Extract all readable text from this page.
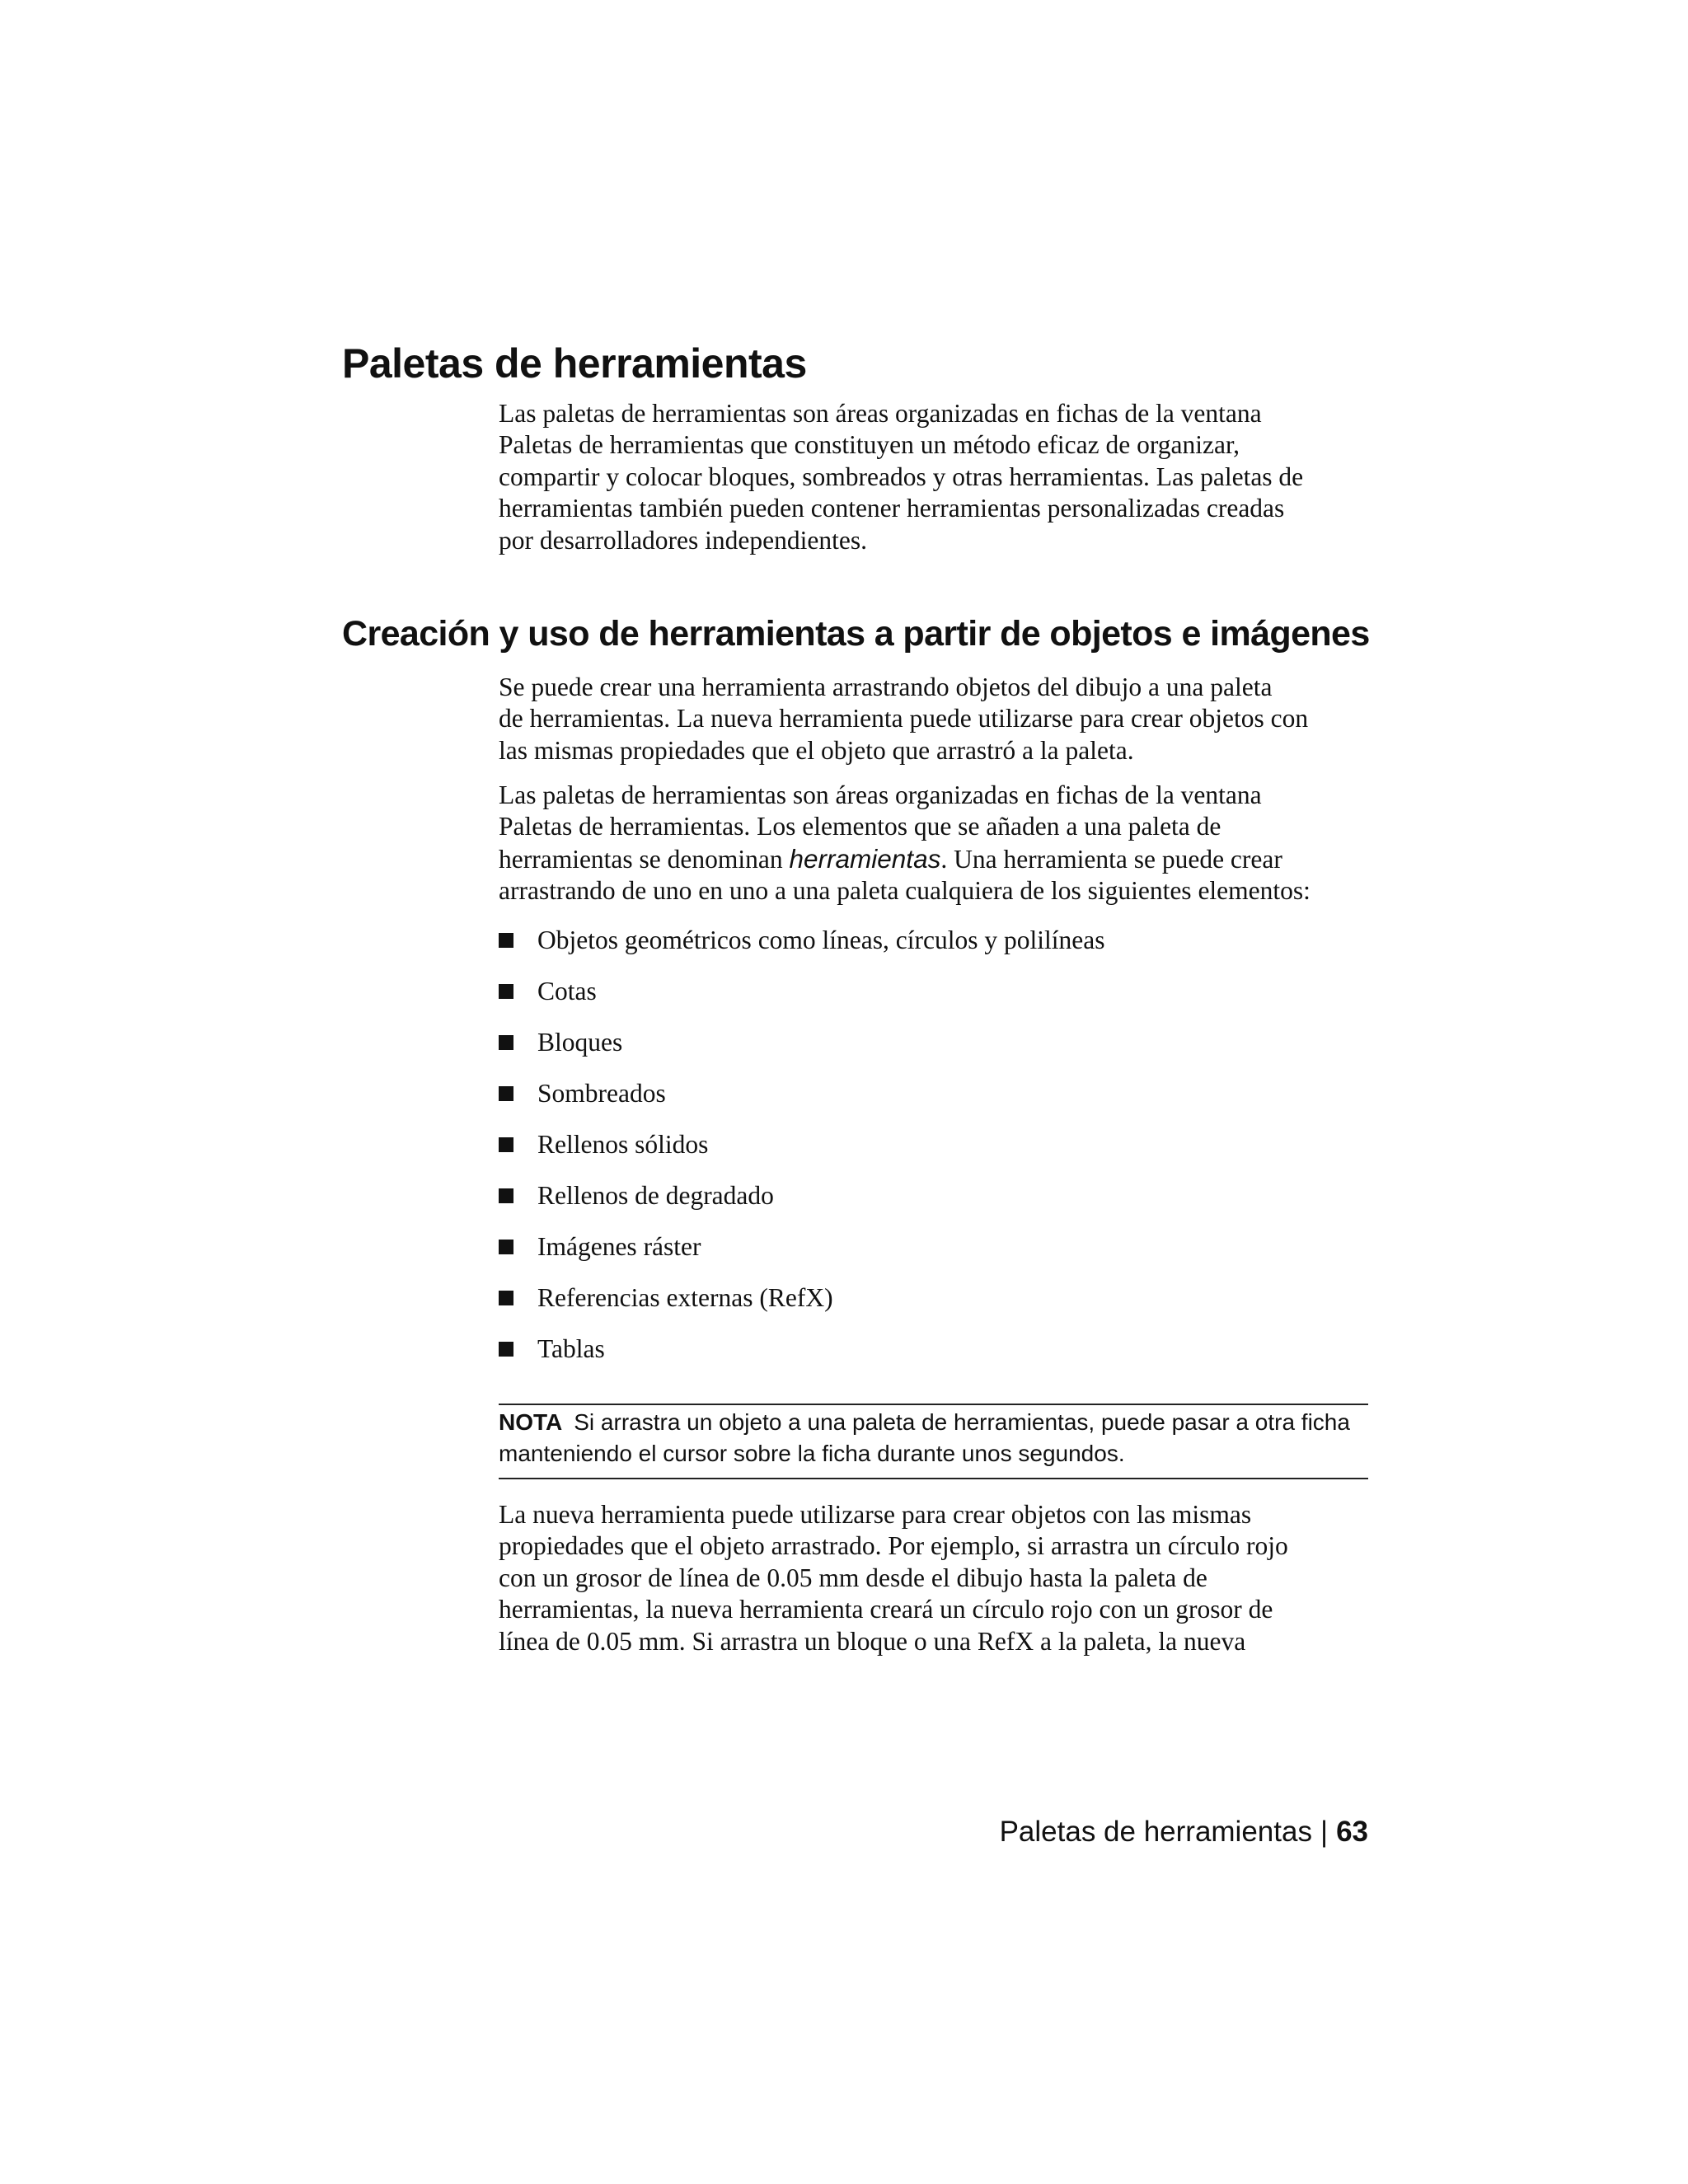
Paletas de herramientas
Las paletas de herramientas son áreas organizadas en fichas de la ventana
Paletas de herramientas que constituyen un método eficaz de organizar,
compartir y colocar bloques, sombreados y otras herramientas. Las paletas de
herramientas también pueden contener herramientas personalizadas creadas
por desarrolladores independientes.
Creación y uso de herramientas a partir de objetos e imágenes
Se puede crear una herramienta arrastrando objetos del dibujo a una paleta
de herramientas. La nueva herramienta puede utilizarse para crear objetos con
las mismas propiedades que el objeto que arrastró a la paleta.
Las paletas de herramientas son áreas organizadas en fichas de la ventana
Paletas de herramientas. Los elementos que se añaden a una paleta de
herramientas se denominan herramientas. Una herramienta se puede crear
arrastrando de uno en uno a una paleta cualquiera de los siguientes elementos:
Objetos geométricos como líneas, círculos y polilíneas
Cotas
Bloques
Sombreados
Rellenos sólidos
Rellenos de degradado
Imágenes ráster
Referencias externas (RefX)
Tablas
NOTA Si arrastra un objeto a una paleta de herramientas, puede pasar a otra ficha
manteniendo el cursor sobre la ficha durante unos segundos.
La nueva herramienta puede utilizarse para crear objetos con las mismas
propiedades que el objeto arrastrado. Por ejemplo, si arrastra un círculo rojo
con un grosor de línea de 0.05 mm desde el dibujo hasta la paleta de
herramientas, la nueva herramienta creará un círculo rojo con un grosor de
línea de 0.05 mm. Si arrastra un bloque o una RefX a la paleta, la nueva
Paletas de herramientas | 63
